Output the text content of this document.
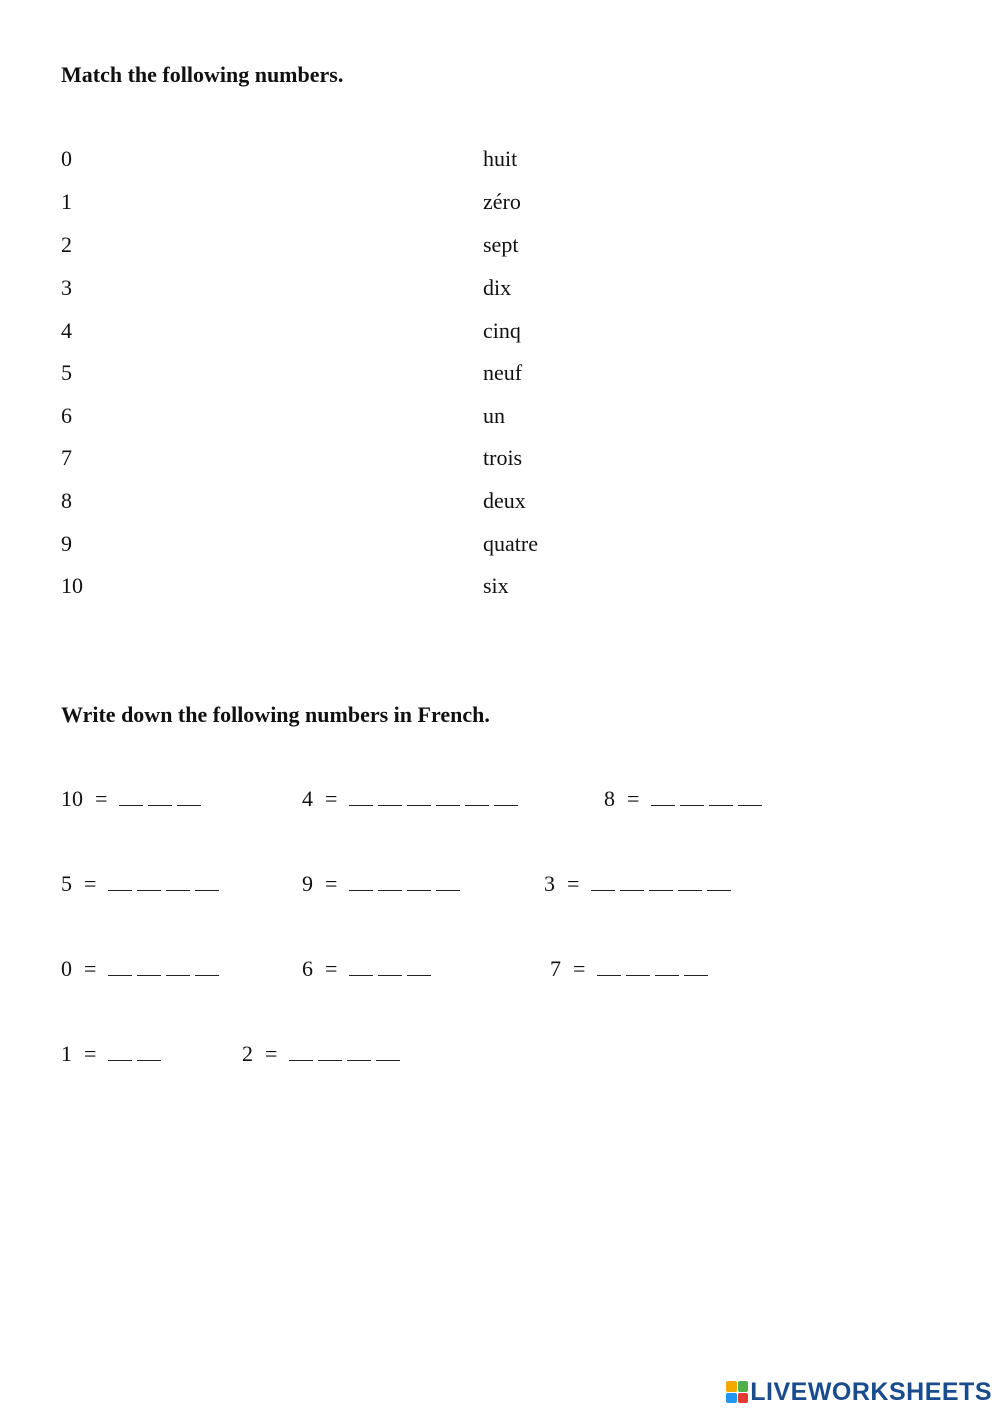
Match the following numbers.
0	huit
1	zéro
2	sept
3	dix
4	cinq
5	neuf
6	un
7	trois
8	deux
9	quatre
10	six
Write down the following numbers in French.
10 =	4 =	8 =
5 =	9 =	3 =
0 =	6 =	7 =
1 =	2 =
LIVEWORKSHEETS
